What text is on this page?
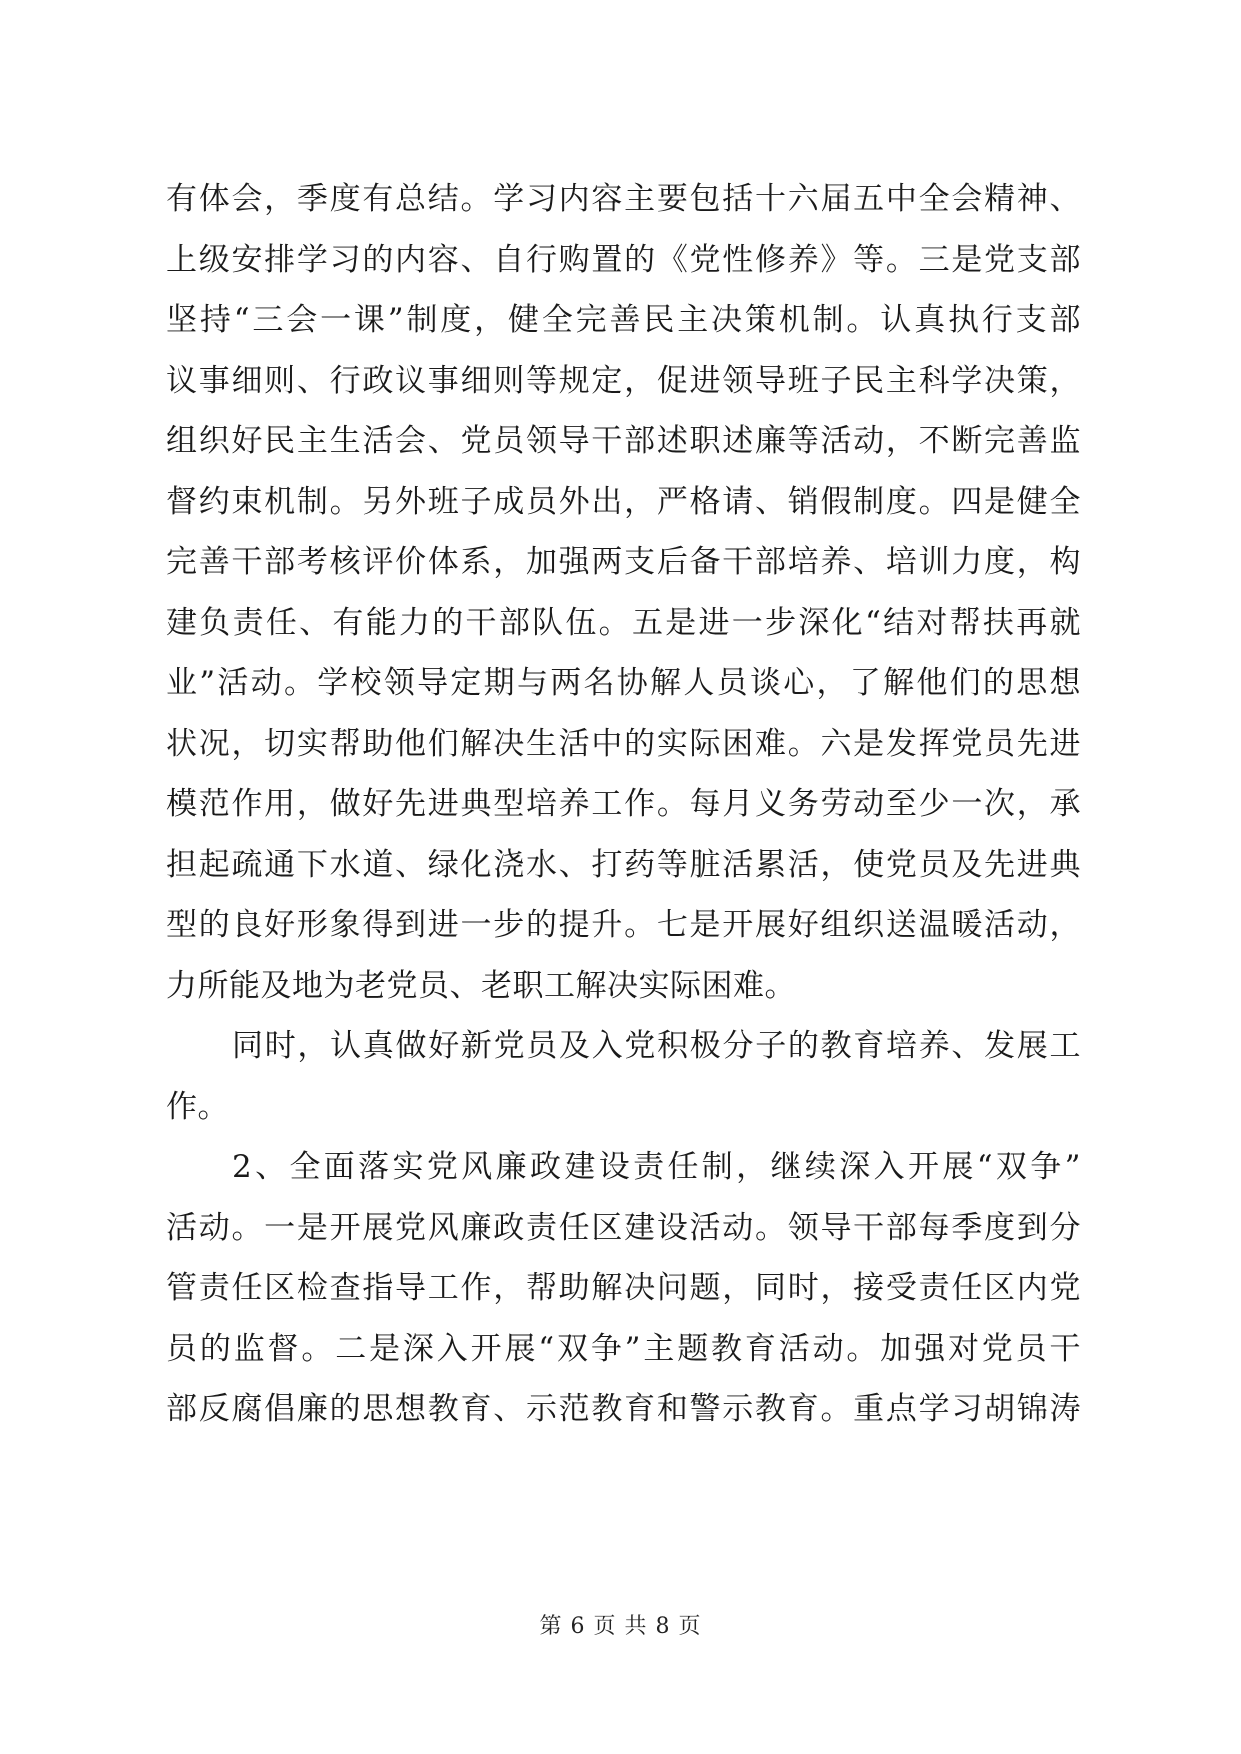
有体会，季度有总结。学习内容主要包括十六届五中全会精神、
上级安排学习的内容、自行购置的《党性修养》等。三是党支部
坚持“三会一课”制度，健全完善民主决策机制。认真执行支部
议事细则、行政议事细则等规定，促进领导班子民主科学决策，
组织好民主生活会、党员领导干部述职述廉等活动，不断完善监
督约束机制。另外班子成员外出，严格请、销假制度。四是健全
完善干部考核评价体系，加强两支后备干部培养、培训力度，构
建负责任、有能力的干部队伍。五是进一步深化“结对帮扶再就
业”活动。学校领导定期与两名协解人员谈心，了解他们的思想
状况，切实帮助他们解决生活中的实际困难。六是发挥党员先进
模范作用，做好先进典型培养工作。每月义务劳动至少一次，承
担起疏通下水道、绿化浇水、打药等脏活累活，使党员及先进典
型的良好形象得到进一步的提升。七是开展好组织送温暖活动，
力所能及地为老党员、老职工解决实际困难。
同时，认真做好新党员及入党积极分子的教育培养、发展工
作。
2、全面落实党风廉政建设责任制，继续深入开展“双争”
活动。一是开展党风廉政责任区建设活动。领导干部每季度到分
管责任区检查指导工作，帮助解决问题，同时，接受责任区内党
员的监督。二是深入开展“双争”主题教育活动。加强对党员干
部反腐倡廉的思想教育、示范教育和警示教育。重点学习胡锦涛
第 6 页 共 8 页
